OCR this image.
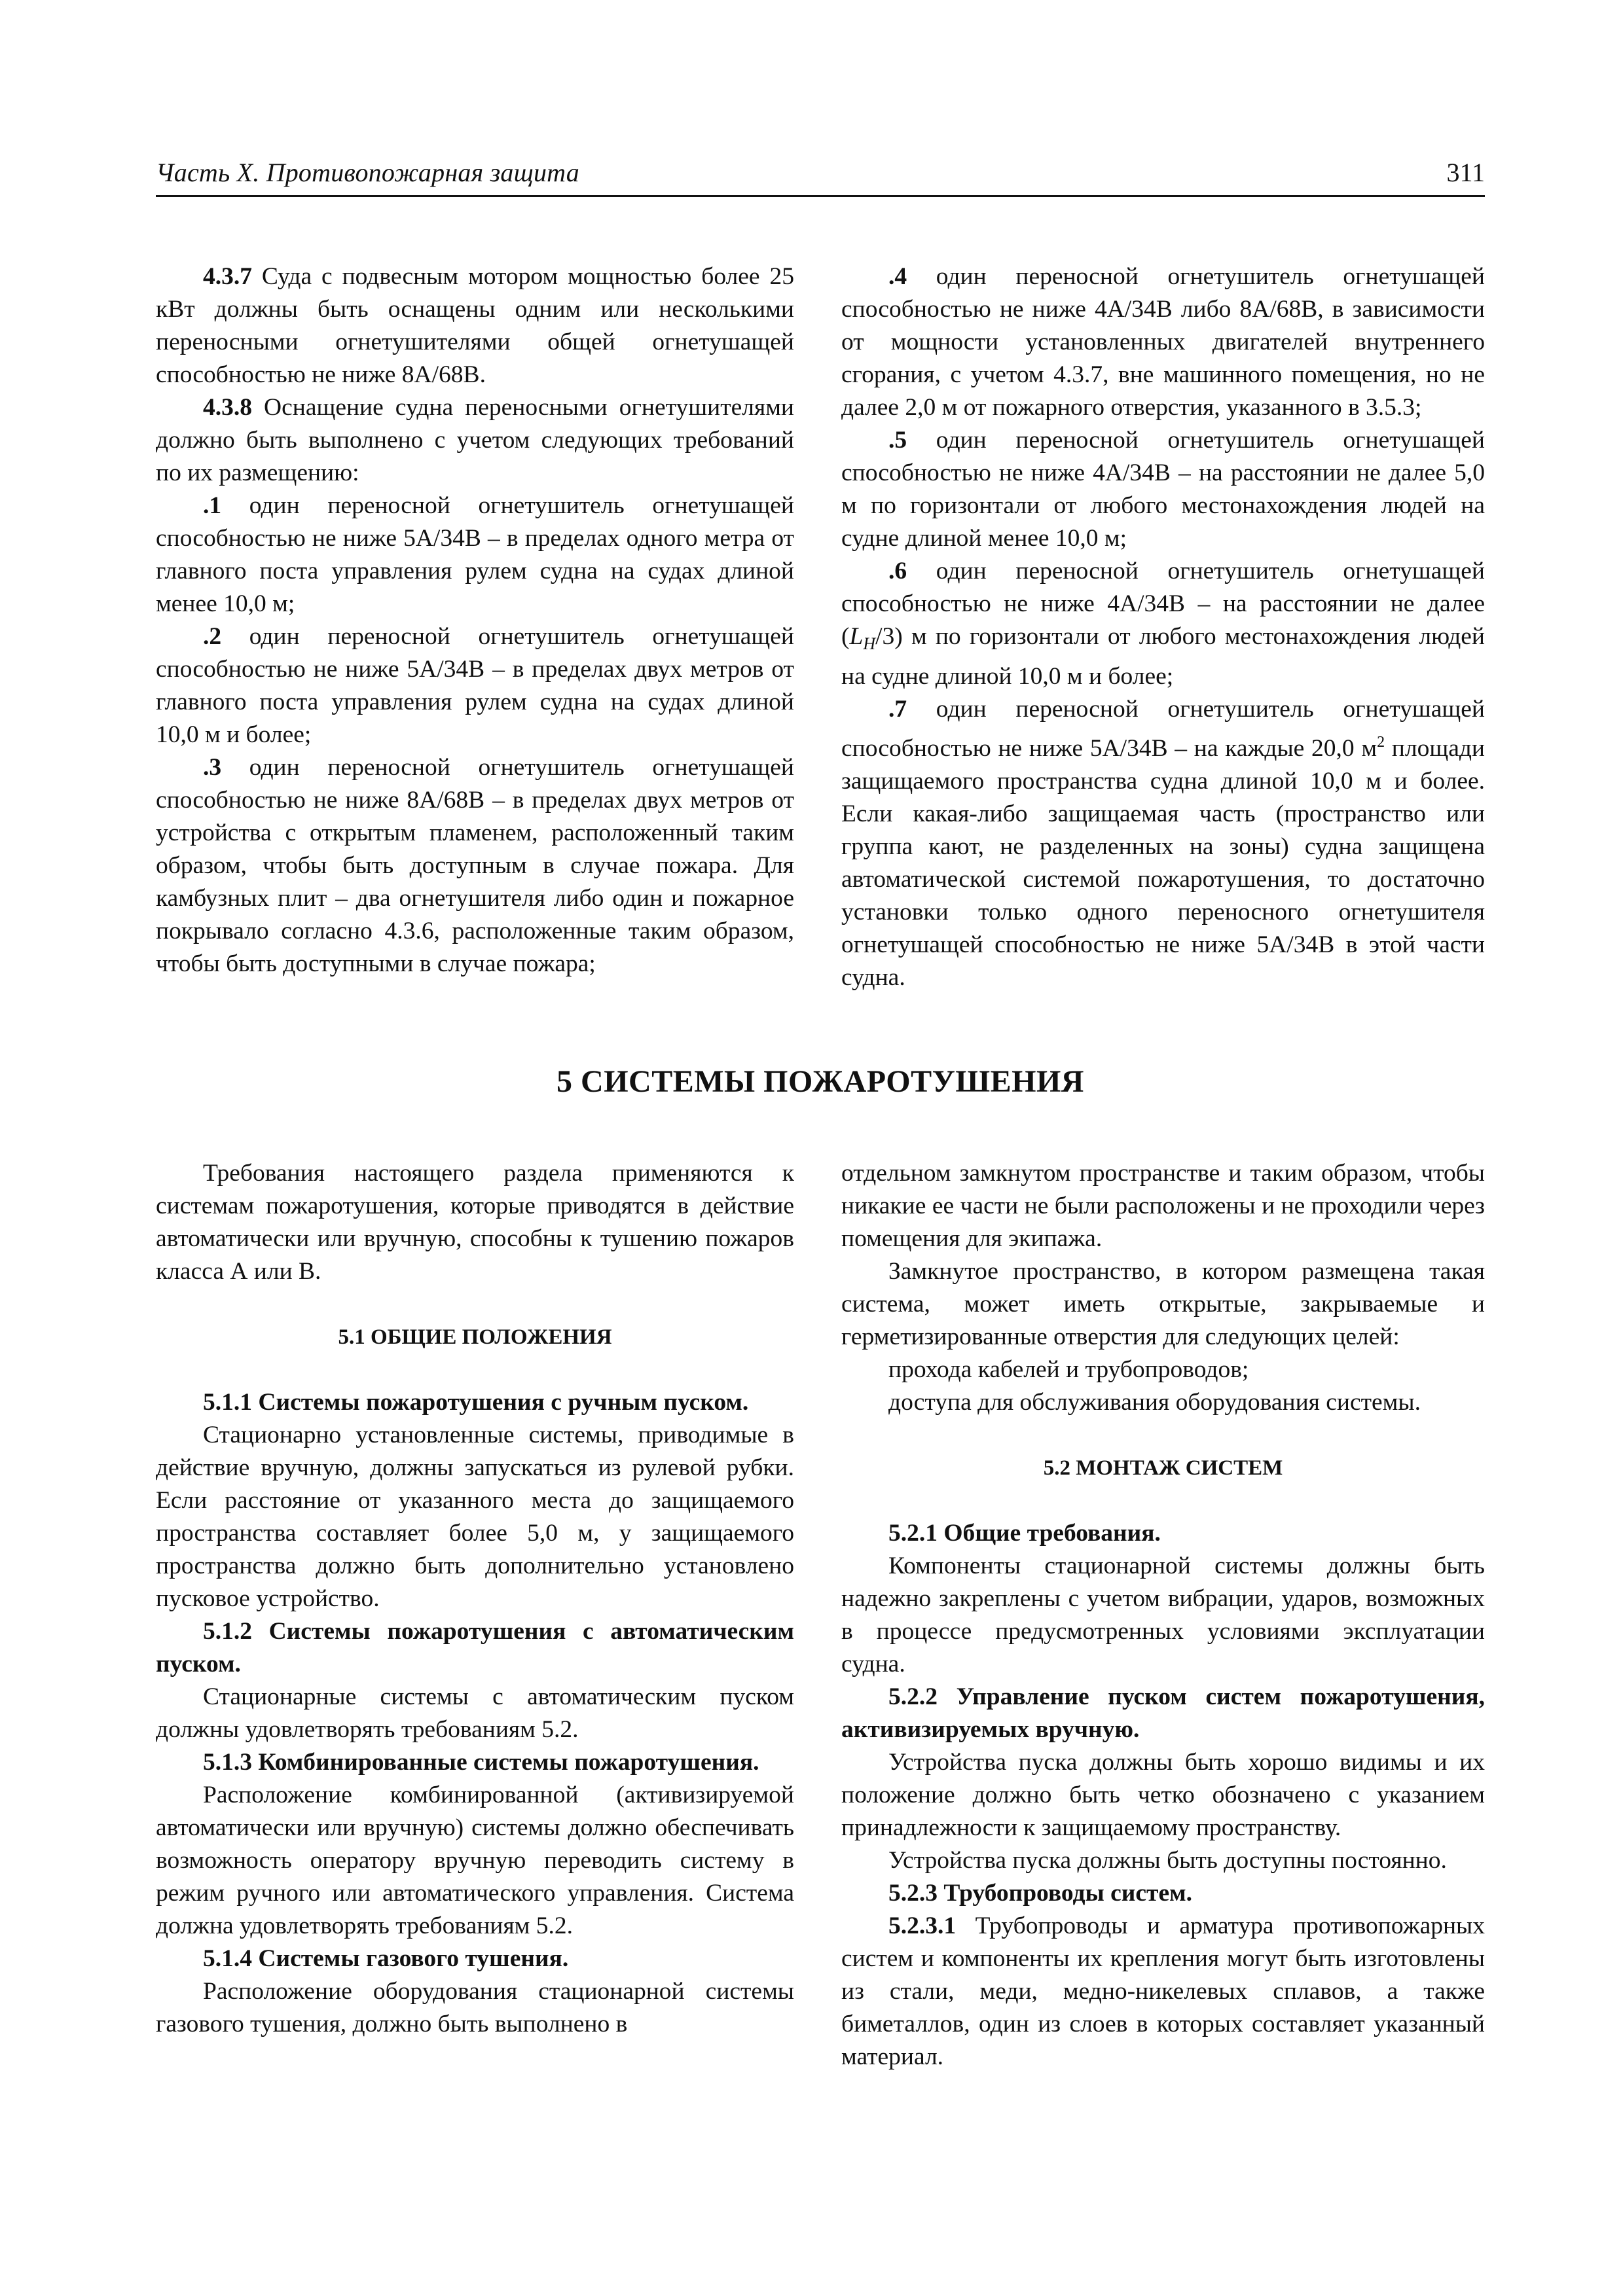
Часть X. Противопожарная защита	311

4.3.7 Суда с подвесным мотором мощностью более 25 кВт должны быть оснащены одним или несколькими переносными огнетушителями общей огнетушащей способностью не ниже 8А/68В.

4.3.8 Оснащение судна переносными огнетушителями должно быть выполнено с учетом следующих требований по их размещению:

.1 один переносной огнетушитель огнетушащей способностью не ниже 5А/34В – в пределах одного метра от главного поста управления рулем судна на судах длиной менее 10,0 м;

.2 один переносной огнетушитель огнетушащей способностью не ниже 5А/34В – в пределах двух метров от главного поста управления рулем судна на судах длиной 10,0 м и более;

.3 один переносной огнетушитель огнетушащей способностью не ниже 8А/68В – в пределах двух метров от устройства с открытым пламенем, расположенный таким образом, чтобы быть доступным в случае пожара. Для камбузных плит – два огнетушителя либо один и пожарное покрывало согласно 4.3.6, расположенные таким образом, чтобы быть доступными в случае пожара;

.4 один переносной огнетушитель огнетушащей способностью не ниже 4А/34В либо 8А/68В, в зависимости от мощности установленных двигателей внутреннего сгорания, с учетом 4.3.7, вне машинного помещения, но не далее 2,0 м от пожарного отверстия, указанного в 3.5.3;

.5 один переносной огнетушитель огнетушащей способностью не ниже 4А/34В – на расстоянии не далее 5,0 м по горизонтали от любого местонахождения людей на судне длиной менее 10,0 м;

.6 один переносной огнетушитель огнетушащей способностью не ниже 4А/34В – на расстоянии не далее $(L_H/3)$ м по горизонтали от любого местонахождения людей на судне длиной 10,0 м и более;

.7 один переносной огнетушитель огнетушащей способностью не ниже 5А/34В – на каждые 20,0 $м^2$ площади защищаемого пространства судна длиной 10,0 м и более. Если какая-либо защищаемая часть (пространство или группа кают, не разделенных на зоны) судна защищена автоматической системой пожаротушения, то достаточно установки только одного переносного огнетушителя огнетушащей способностью не ниже 5А/34В в этой части судна.

5 СИСТЕМЫ ПОЖАРОТУШЕНИЯ

Требования настоящего раздела применяются к системам пожаротушения, которые приводятся в действие автоматически или вручную, способны к тушению пожаров класса А или В.

5.1 ОБЩИЕ ПОЛОЖЕНИЯ

5.1.1 Системы пожаротушения с ручным пуском.

Стационарно установленные системы, приводимые в действие вручную, должны запускаться из рулевой рубки. Если расстояние от указанного места до защищаемого пространства составляет более 5,0 м, у защищаемого пространства должно быть дополнительно установлено пусковое устройство.

5.1.2 Системы пожаротушения с автоматическим пуском.

Стационарные системы с автоматическим пуском должны удовлетворять требованиям 5.2.

5.1.3 Комбинированные системы пожаротушения.

Расположение комбинированной (активизируемой автоматически или вручную) системы должно обеспечивать возможность оператору вручную переводить систему в режим ручного или автоматического управления. Система должна удовлетворять требованиям 5.2.

5.1.4 Системы газового тушения.

Расположение оборудования стационарной системы газового тушения, должно быть выполнено в

отдельном замкнутом пространстве и таким образом, чтобы никакие ее части не были расположены и не проходили через помещения для экипажа.

Замкнутое пространство, в котором размещена такая система, может иметь открытые, закрываемые и герметизированные отверстия для следующих целей:

прохода кабелей и трубопроводов;

доступа для обслуживания оборудования системы.

5.2 МОНТАЖ СИСТЕМ

5.2.1 Общие требования.

Компоненты стационарной системы должны быть надежно закреплены с учетом вибрации, ударов, возможных в процессе предусмотренных условиями эксплуатации судна.

5.2.2 Управление пуском систем пожаротушения, активизируемых вручную.

Устройства пуска должны быть хорошо видимы и их положение должно быть четко обозначено с указанием принадлежности к защищаемому пространству.

Устройства пуска должны быть доступны постоянно.

5.2.3 Трубопроводы систем.

5.2.3.1 Трубопроводы и арматура противопожарных систем и компоненты их крепления могут быть изготовлены из стали, меди, медно-никелевых сплавов, а также биметаллов, один из слоев в которых составляет указанный материал.
